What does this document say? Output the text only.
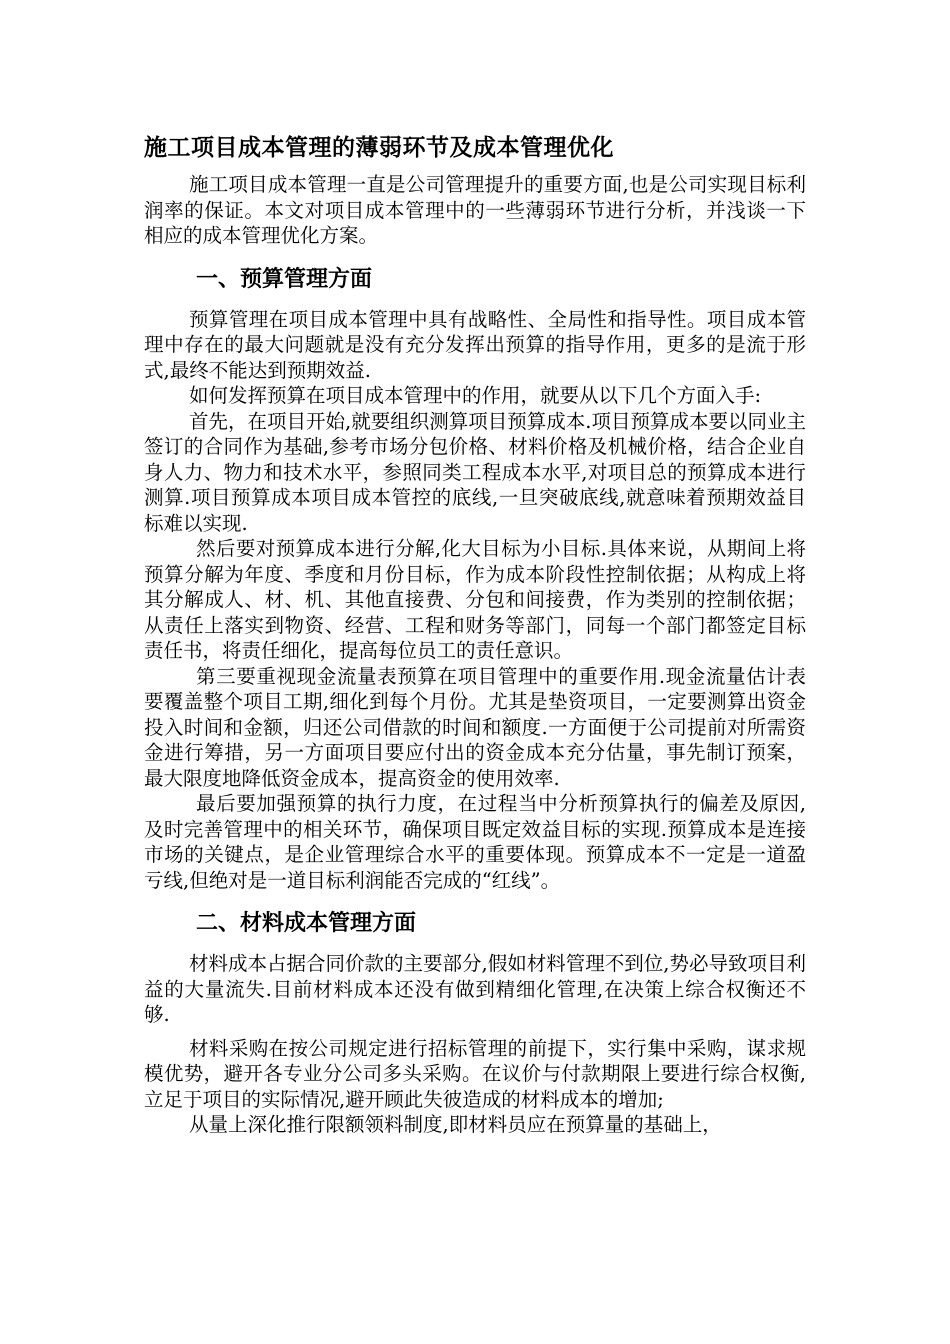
施工项目成本管理的薄弱环节及成本管理优化

施工项目成本管理一直是公司管理提升的重要方面,也是公司实现目标利润率的保证。本文对项目成本管理中的一些薄弱环节进行分析，并浅谈一下相应的成本管理优化方案。

一、预算管理方面

预算管理在项目成本管理中具有战略性、全局性和指导性。项目成本管理中存在的最大问题就是没有充分发挥出预算的指导作用，更多的是流于形式,最终不能达到预期效益.

如何发挥预算在项目成本管理中的作用，就要从以下几个方面入手:

首先，在项目开始,就要组织测算项目预算成本.项目预算成本要以同业主签订的合同作为基础,参考市场分包价格、材料价格及机械价格，结合企业自身人力、物力和技术水平，参照同类工程成本水平,对项目总的预算成本进行测算.项目预算成本项目成本管控的底线,一旦突破底线,就意味着预期效益目标难以实现.

然后要对预算成本进行分解,化大目标为小目标.具体来说，从期间上将预算分解为年度、季度和月份目标，作为成本阶段性控制依据；从构成上将其分解成人、材、机、其他直接费、分包和间接费，作为类别的控制依据；从责任上落实到物资、经营、工程和财务等部门，同每一个部门都签定目标责任书，将责任细化，提高每位员工的责任意识。

第三要重视现金流量表预算在项目管理中的重要作用.现金流量估计表要覆盖整个项目工期,细化到每个月份。尤其是垫资项目，一定要测算出资金投入时间和金额，归还公司借款的时间和额度.一方面便于公司提前对所需资金进行筹措，另一方面项目要应付出的资金成本充分估量，事先制订预案，最大限度地降低资金成本，提高资金的使用效率.

最后要加强预算的执行力度，在过程当中分析预算执行的偏差及原因,及时完善管理中的相关环节，确保项目既定效益目标的实现.预算成本是连接市场的关键点，是企业管理综合水平的重要体现。预算成本不一定是一道盈亏线,但绝对是一道目标利润能否完成的“红线”。

二、材料成本管理方面

材料成本占据合同价款的主要部分,假如材料管理不到位,势必导致项目利益的大量流失.目前材料成本还没有做到精细化管理,在决策上综合权衡还不够.

材料采购在按公司规定进行招标管理的前提下，实行集中采购，谋求规模优势，避开各专业分公司多头采购。在议价与付款期限上要进行综合权衡,立足于项目的实际情况,避开顾此失彼造成的材料成本的增加;

从量上深化推行限额领料制度,即材料员应在预算量的基础上，
